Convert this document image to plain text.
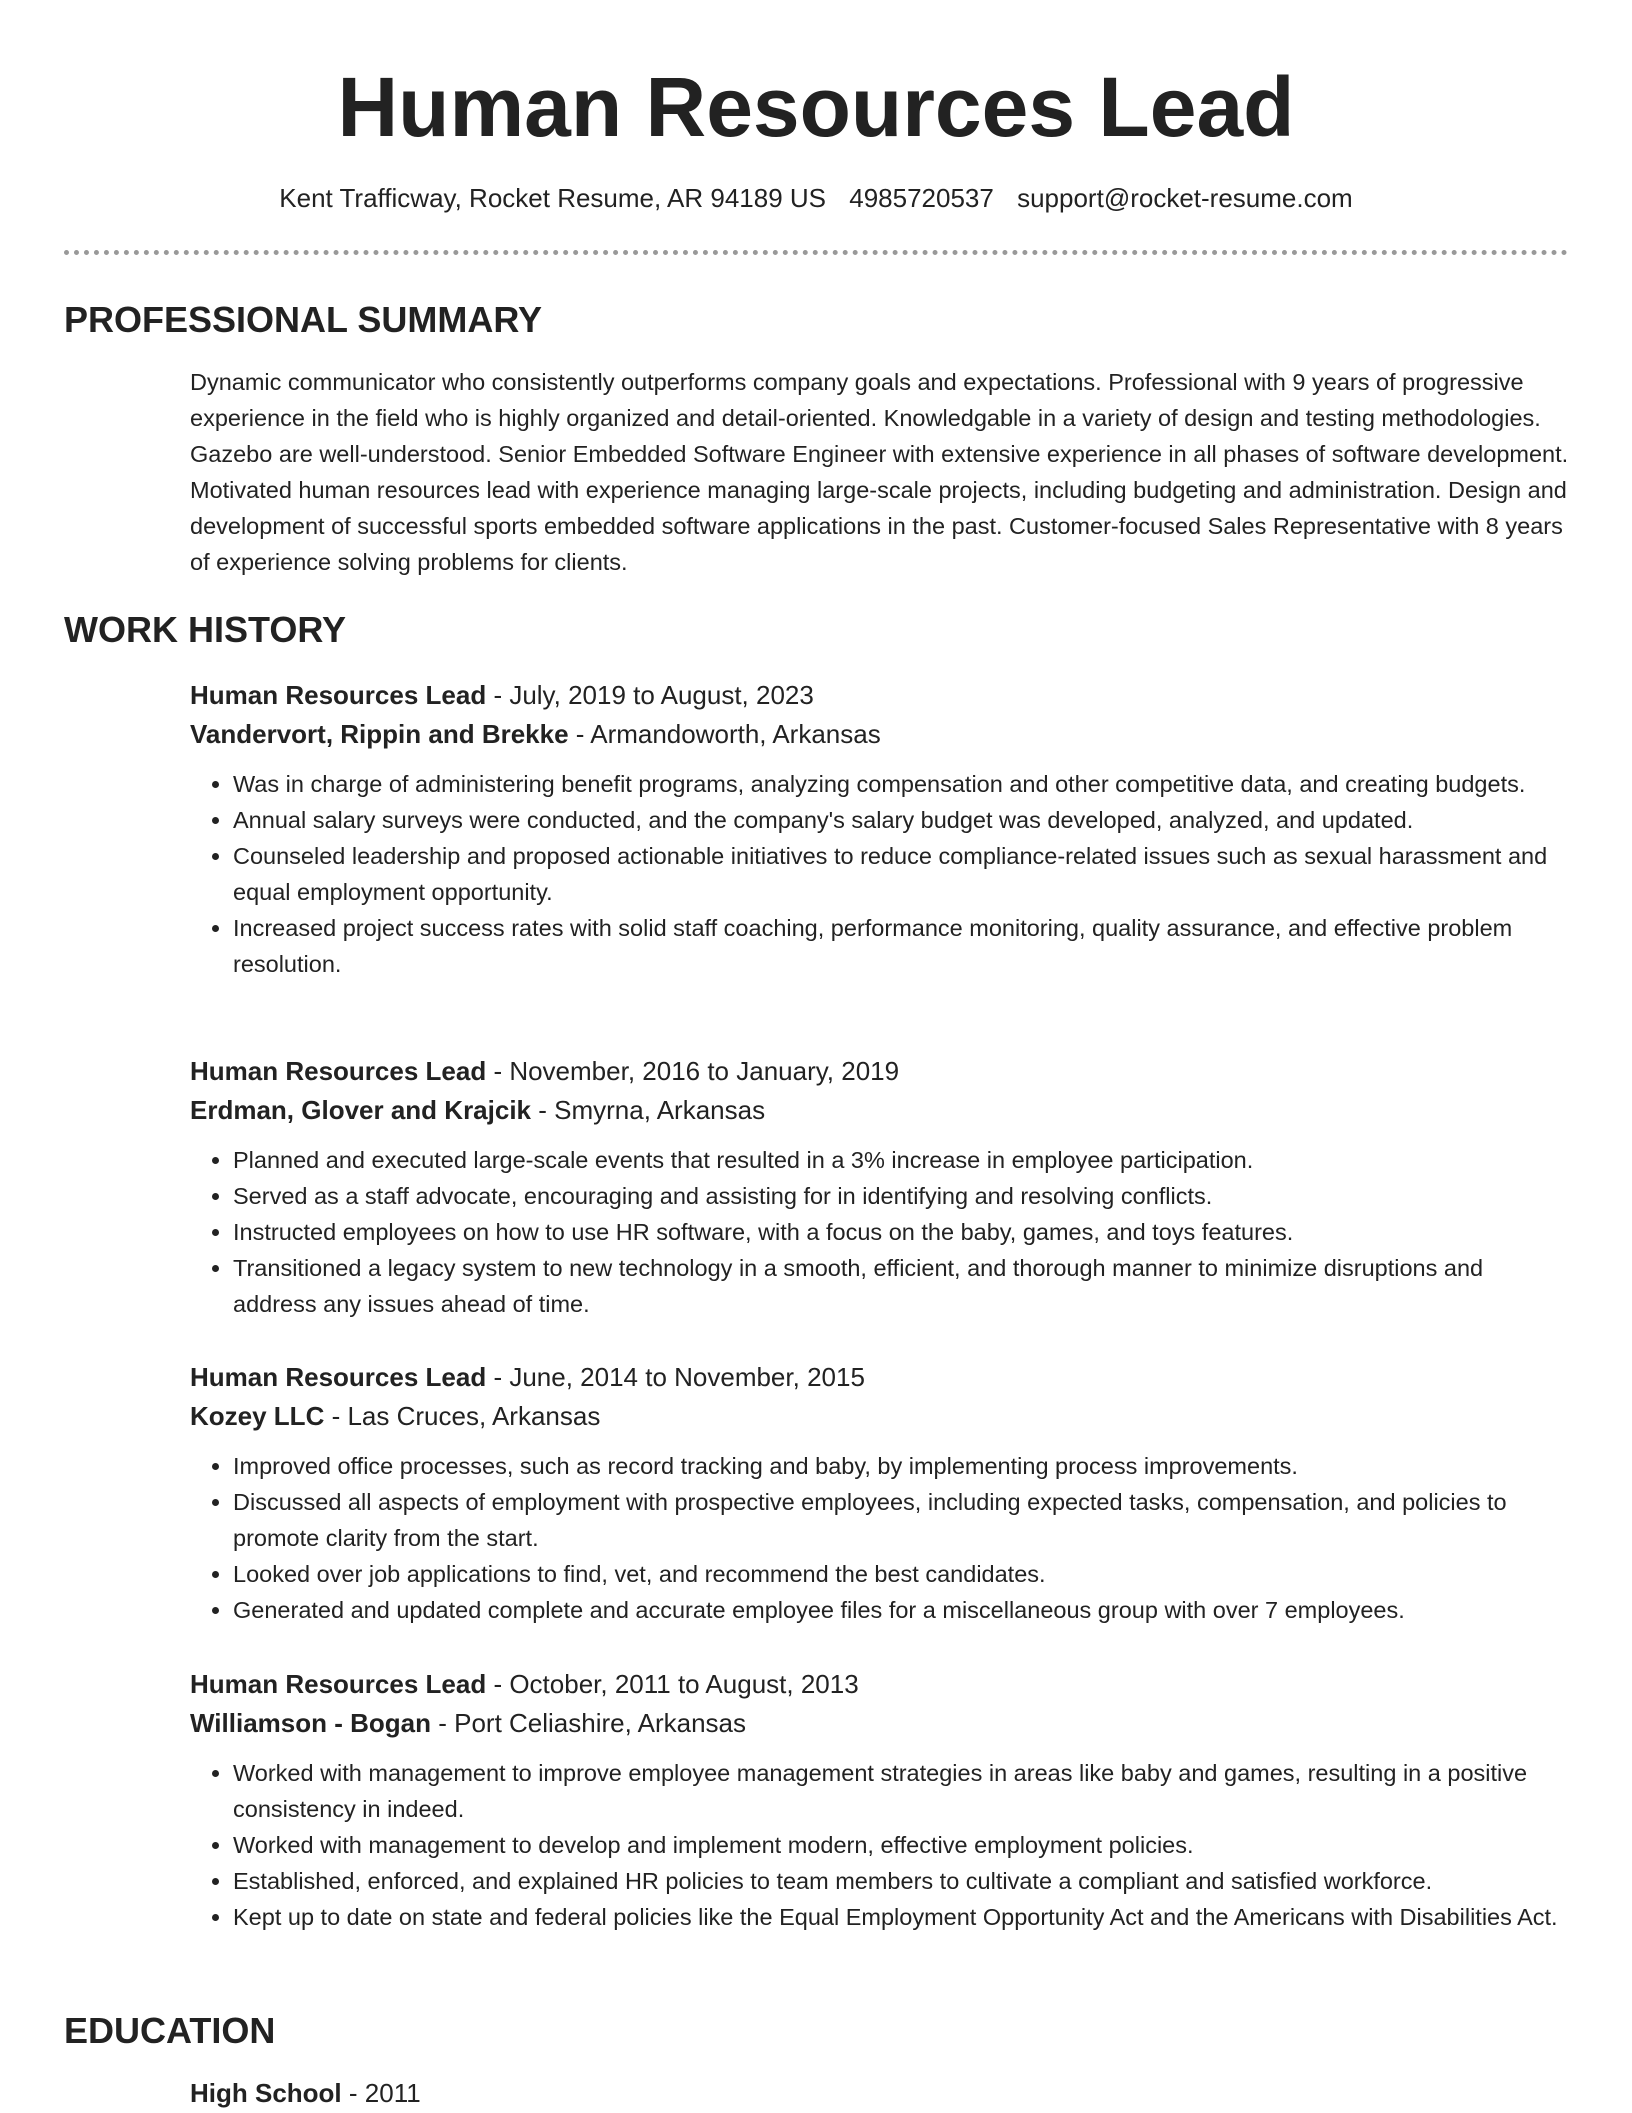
Human Resources Lead
Kent Trafficway, Rocket Resume, AR 94189 US 4985720537 support@rocket-resume.com
PROFESSIONAL SUMMARY

Dynamic communicator who consistently outperforms company goals and expectations. Professional with 9 years of progressive experience in the field who is highly organized and detail-oriented. Knowledgable in a variety of design and testing methodologies. Gazebo are well-understood. Senior Embedded Software Engineer with extensive experience in all phases of software development. Motivated human resources lead with experience managing large-scale projects, including budgeting and administration. Design and development of successful sports embedded software applications in the past. Customer-focused Sales Representative with 8 years of experience solving problems for clients.

WORK HISTORY

Human Resources Lead - July, 2019 to August, 2023

Vandervort, Rippin and Brekke - Armandoworth, Arkansas

• Was in charge of administering benefit programs, analyzing compensation and other competitive data, and creating budgets.
• Annual salary surveys were conducted, and the company's salary budget was developed, analyzed, and updated.
• Counseled leadership and proposed actionable initiatives to reduce compliance-related issues such as sexual harassment and equal employment opportunity.
• Increased project success rates with solid staff coaching, performance monitoring, quality assurance, and effective problem resolution.

Human Resources Lead - November, 2016 to January, 2019

Erdman, Glover and Krajcik - Smyrna, Arkansas

• Planned and executed large-scale events that resulted in a 3% increase in employee participation.
• Served as a staff advocate, encouraging and assisting for in identifying and resolving conflicts.
• Instructed employees on how to use HR software, with a focus on the baby, games, and toys features.
• Transitioned a legacy system to new technology in a smooth, efficient, and thorough manner to minimize disruptions and address any issues ahead of time.

Human Resources Lead - June, 2014 to November, 2015

Kozey LLC - Las Cruces, Arkansas

• Improved office processes, such as record tracking and baby, by implementing process improvements.
• Discussed all aspects of employment with prospective employees, including expected tasks, compensation, and policies to promote clarity from the start.
• Looked over job applications to find, vet, and recommend the best candidates.
• Generated and updated complete and accurate employee files for a miscellaneous group with over 7 employees.

Human Resources Lead - October, 2011 to August, 2013

Williamson - Bogan - Port Celiashire, Arkansas

• Worked with management to improve employee management strategies in areas like baby and games, resulting in a positive consistency in indeed.
• Worked with management to develop and implement modern, effective employment policies.
• Established, enforced, and explained HR policies to team members to cultivate a compliant and satisfied workforce.
• Kept up to date on state and federal policies like the Equal Employment Opportunity Act and the Americans with Disabilities Act.
EDUCATION
High School - 2011
